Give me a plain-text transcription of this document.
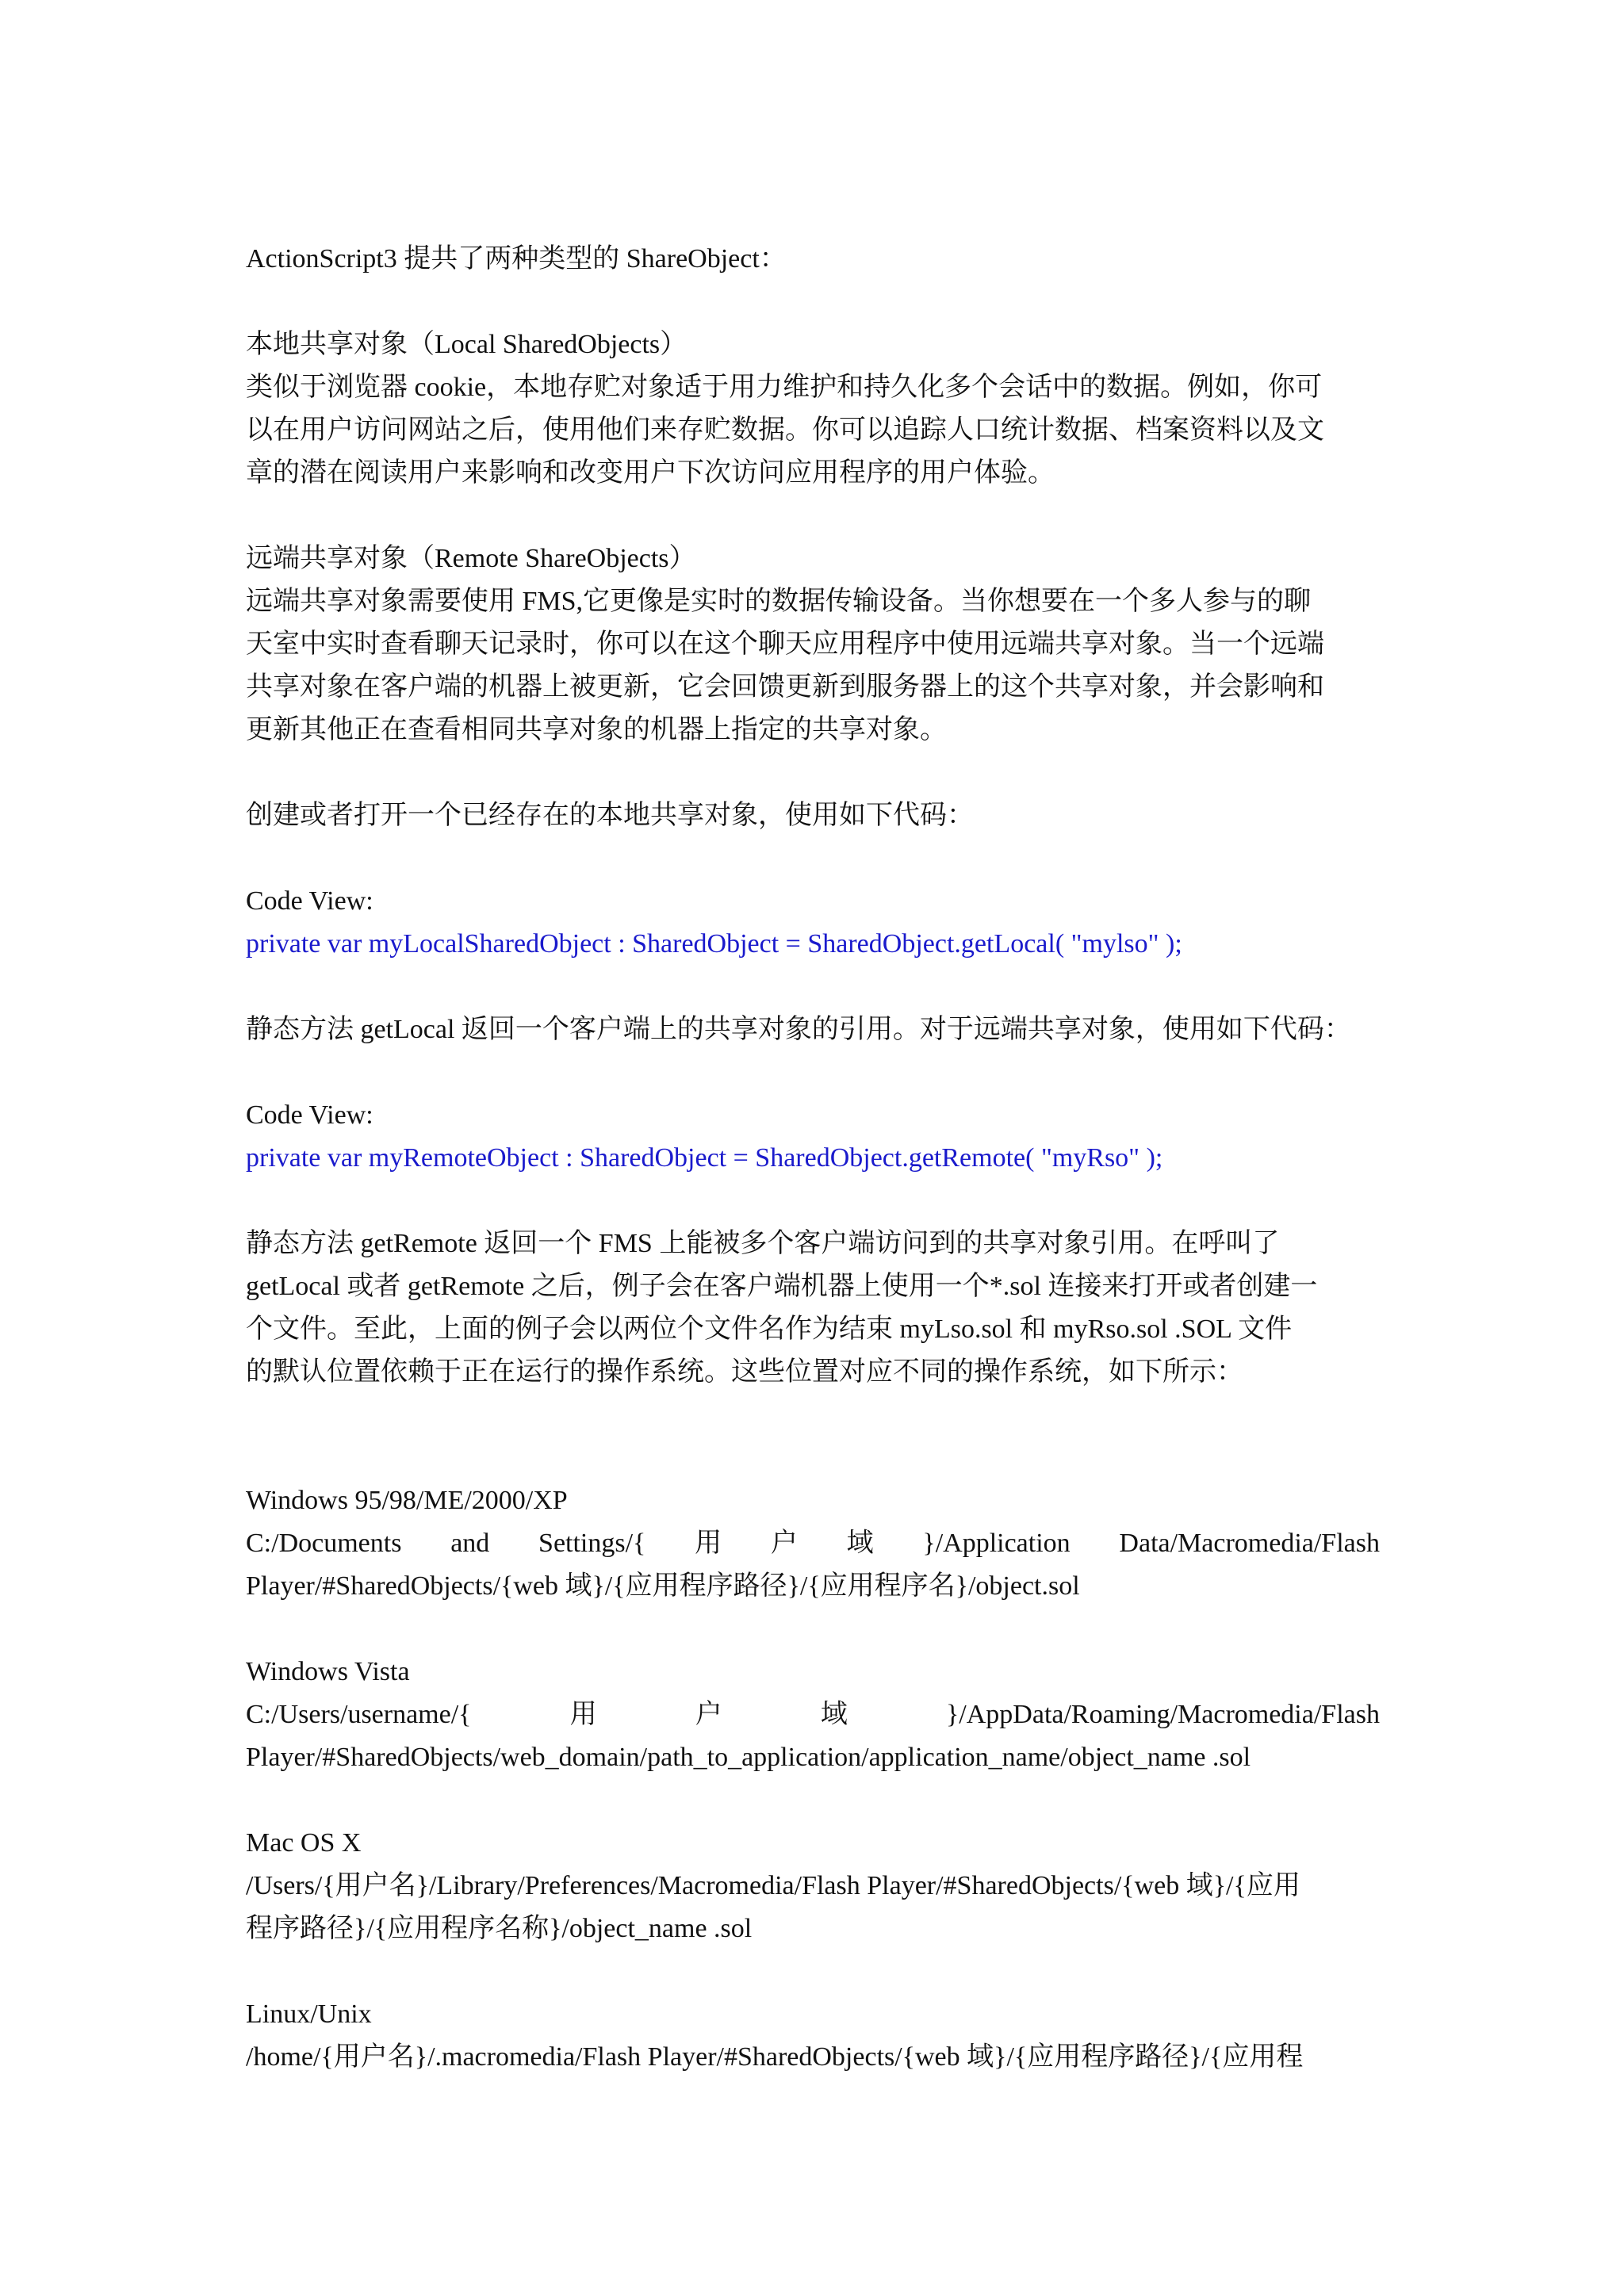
ActionScript3 提共了两种类型的 ShareObject：
本地共享对象（Local SharedObjects）
类似于浏览器 cookie，本地存贮对象适于用力维护和持久化多个会话中的数据。例如，你可
以在用户访问网站之后，使用他们来存贮数据。你可以追踪人口统计数据、档案资料以及文
章的潜在阅读用户来影响和改变用户下次访问应用程序的用户体验。
远端共享对象（Remote ShareObjects）
远端共享对象需要使用 FMS,它更像是实时的数据传输设备。当你想要在一个多人参与的聊
天室中实时查看聊天记录时，你可以在这个聊天应用程序中使用远端共享对象。当一个远端
共享对象在客户端的机器上被更新，它会回馈更新到服务器上的这个共享对象，并会影响和
更新其他正在查看相同共享对象的机器上指定的共享对象。
创建或者打开一个已经存在的本地共享对象，使用如下代码：
Code View:
private var myLocalSharedObject : SharedObject = SharedObject.getLocal( "mylso" );
静态方法 getLocal 返回一个客户端上的共享对象的引用。对于远端共享对象，使用如下代码：
Code View:
private var myRemoteObject : SharedObject = SharedObject.getRemote( "myRso" );
静态方法 getRemote 返回一个 FMS 上能被多个客户端访问到的共享对象引用。在呼叫了
getLocal 或者 getRemote 之后，例子会在客户端机器上使用一个*.sol 连接来打开或者创建一
个文件。至此，上面的例子会以两位个文件名作为结束 myLso.sol 和 myRso.sol .SOL 文件
的默认位置依赖于正在运行的操作系统。这些位置对应不同的操作系统，如下所示：
Windows 95/98/ME/2000/XP
C:/Documents and Settings/{ 用 户 域 }/Application Data/Macromedia/Flash
Player/#SharedObjects/{web 域}/{应用程序路径}/{应用程序名}/object.sol
Windows Vista
C:/Users/username/{	用	户	域	}/AppData/Roaming/Macromedia/Flash
Player/#SharedObjects/web_domain/path_to_application/application_name/object_name .sol
Mac OS X
/Users/{用户名}/Library/Preferences/Macromedia/Flash Player/#SharedObjects/{web 域}/{应用
程序路径}/{应用程序名称}/object_name .sol
Linux/Unix
/home/{用户名}/.macromedia/Flash Player/#SharedObjects/{web 域}/{应用程序路径}/{应用程
